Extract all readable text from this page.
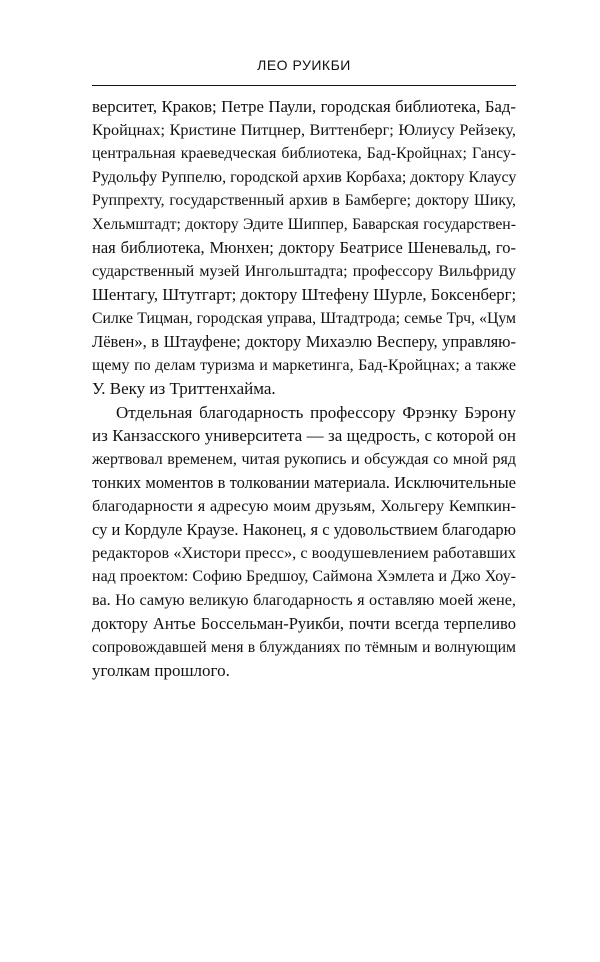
ЛЕО РУИКБИ
верситет, Краков; Петре Паули, городская библиотека, Бад-
Кройцнах; Кристине Питцнер, Виттенберг; Юлиусу Рейзеку,
центральная краеведческая библиотека, Бад-Кройцнах; Гансу-
Рудольфу Руппелю, городской архив Корбаха; доктору Клаусу
Руппрехту, государственный архив в Бамберге; доктору Шику,
Хельмштадт; доктору Эдите Шиппер, Баварская государствен-
ная библиотека, Мюнхен; доктору Беатрисе Шеневальд, го-
сударственный музей Ингольштадта; профессору Вильфриду
Шентагу, Штутгарт; доктору Штефену Шурле, Боксенберг;
Силке Тицман, городская управа, Штадтрода; семье Трч, «Цум
Лёвен», в Штауфене; доктору Михаэлю Весперу, управляю-
щему по делам туризма и маркетинга, Бад-Кройцнах; а также
У. Веку из Триттенхайма.
Отдельная благодарность профессору Фрэнку Бэрону
из Канзасского университета — за щедрость, с которой он
жертвовал временем, читая рукопись и обсуждая со мной ряд
тонких моментов в толковании материала. Исключительные
благодарности я адресую моим друзьям, Хольгеру Кемпкин-
су и Кордуле Краузе. Наконец, я с удовольствием благодарю
редакторов «Хистори пресс», с воодушевлением работавших
над проектом: Софию Бредшоу, Саймона Хэмлета и Джо Хоу-
ва. Но самую великую благодарность я оставляю моей жене,
доктору Антье Боссельман-Руикби, почти всегда терпеливо
сопровождавшей меня в блужданиях по тёмным и волнующим
уголкам прошлого.
